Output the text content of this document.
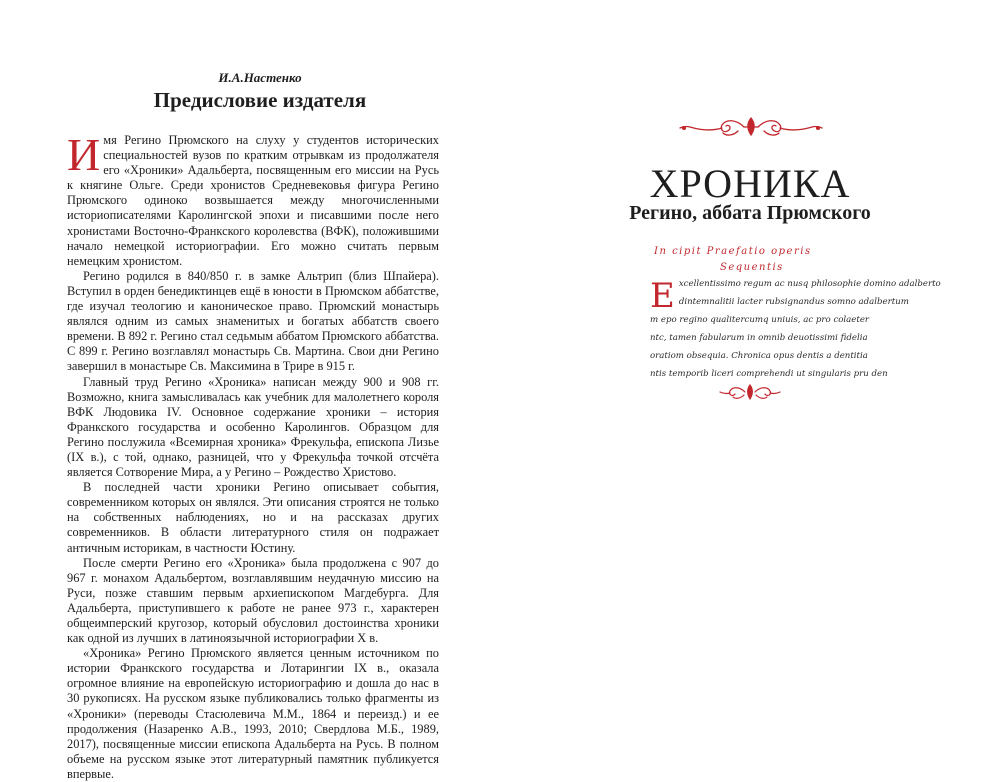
И.А.Настенко
Предисловие издателя

Имя Регино Прюмского на слуху у студентов исторических специальностей вузов по кратким отрывкам из продолжателя его «Хроники» Адальберта, посвященным его миссии на Русь к княгине Ольге. Среди хронистов Средневековья фигура Регино Прюмского одиноко возвышается между многочисленными историописателями Каролингской эпохи и писавшими после него хронистами Восточно-Франкского королевства (ВФК), положившими начало немецкой историографии. Его можно считать первым немецким хронистом.

Регино родился в 840/850 г. в замке Альтрип (близ Шпайера). Вступил в орден бенедиктинцев ещё в юности в Прюмском аббатстве, где изучал теологию и каноническое право. Прюмский монастырь являлся одним из самых знаменитых и богатых аббатств своего времени. В 892 г. Регино стал седьмым аббатом Прюмского аббатства. С 899 г. Регино возглавлял монастырь Св. Мартина. Свои дни Регино завершил в монастыре Св. Максимина в Трире в 915 г.

Главный труд Регино «Хроника» написан между 900 и 908 гг. Возможно, книга замысливалась как учебник для малолетнего короля ВФК Людовика IV. Основное содержание хроники – история Франкского государства и особенно Каролингов. Образцом для Регино послужила «Всемирная хроника» Фрекульфа, епископа Лизье (IX в.), с той, однако, разницей, что у Фрекульфа точкой отсчёта является Сотворение Мира, а у Регино – Рождество Христово.

В последней части хроники Регино описывает события, современником которых он являлся. Эти описания строятся не только на собственных наблюдениях, но и на рассказах других современников. В области литературного стиля он подражает античным историкам, в частности Юстину.

После смерти Регино его «Хроника» была продолжена с 907 до 967 г. монахом Адальбертом, возглавлявшим неудачную миссию на Руси, позже ставшим первым архиепископом Магдебурга. Для Адальберта, приступившего к работе не ранее 973 г., характерен общеимперский кругозор, который обусловил достоинства хроники как одной из лучших в латиноязычной историографии X в.

«Хроника» Регино Прюмского является ценным источником по истории Франкского государства и Лотарингии IX в., оказала огромное влияние на европейскую историографию и дошла до нас в 30 рукописях. На русском языке публиковались только фрагменты из «Хроники» (переводы Стасюлевича М.М., 1864 и переизд.) и ее продолжения (Назаренко А.В., 1993, 2010; Свердлова М.Б., 1989, 2017), посвященные миссии епископа Адальберта на Русь. В полном объеме на русском языке этот литературный памятник публикуется впервые.

ХРОНИКА
Регино, аббата Прюмского
In cipit Praefatio operis
Sequentis
E xcellentissimo regum ac nusq philosophie domino adalberto
dintemnalitii lacter rubsignandus somno adalbertum
m epo regino qualitercumq uniuis, ac pro colaeter
ntc, tamen fabularum in omnib deuotissimi fidelia
oratiom obsequia. Chronica opus dentis a dentitia
ntis temporib liceri comprehendi ut singularis pru den
